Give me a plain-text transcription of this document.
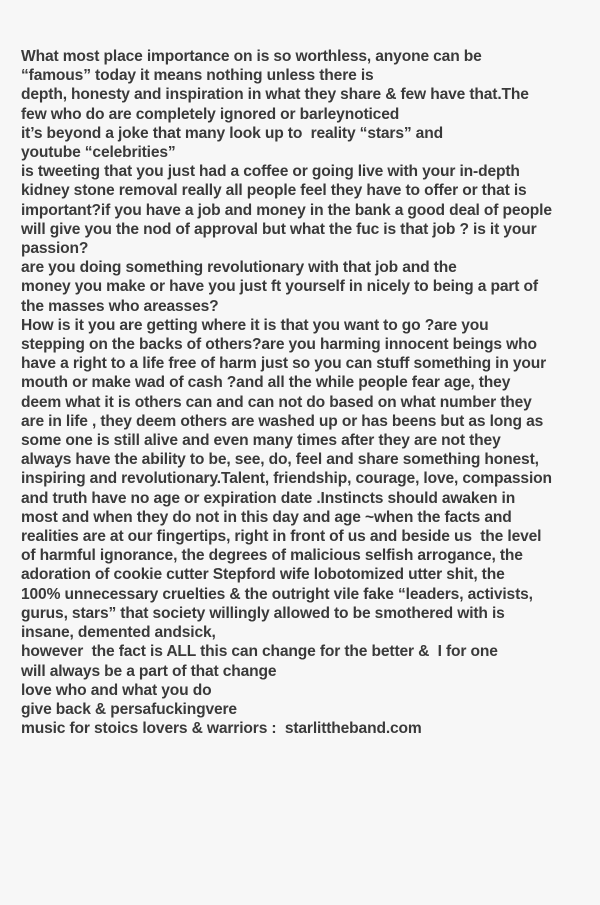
What most place importance on is so worthless, anyone can be
“famous” today it means nothing unless there is
depth, honesty and inspiration in what they share & few have that.The
few who do are completely ignored or barleynoticed
it’s beyond a joke that many look up to  reality “stars” and
youtube “celebrities”
is tweeting that you just had a coffee or going live with your in-depth
kidney stone removal really all people feel they have to offer or that is
important?if you have a job and money in the bank a good deal of people
will give you the nod of approval but what the fuc is that job ? is it your
passion?
are you doing something revolutionary with that job and the
money you make or have you just ft yourself in nicely to being a part of
the masses who areasses?
How is it you are getting where it is that you want to go ?are you
stepping on the backs of others?are you harming innocent beings who
have a right to a life free of harm just so you can stuff something in your
mouth or make wad of cash ?and all the while people fear age, they
deem what it is others can and can not do based on what number they
are in life , they deem others are washed up or has beens but as long as
some one is still alive and even many times after they are not they
always have the ability to be, see, do, feel and share something honest,
inspiring and revolutionary.Talent, friendship, courage, love, compassion
and truth have no age or expiration date .Instincts should awaken in
most and when they do not in this day and age ~when the facts and
realities are at our fingertips, right in front of us and beside us  the level
of harmful ignorance, the degrees of malicious selfish arrogance, the
adoration of cookie cutter Stepford wife lobotomized utter shit, the
100% unnecessary cruelties & the outright vile fake “leaders, activists,
gurus, stars” that society willingly allowed to be smothered with is
insane, demented andsick,
however  the fact is ALL this can change for the better &  I for one
will always be a part of that change
love who and what you do
give back & persafuckingvere
music for stoics lovers & warriors :  starlittheband.com
